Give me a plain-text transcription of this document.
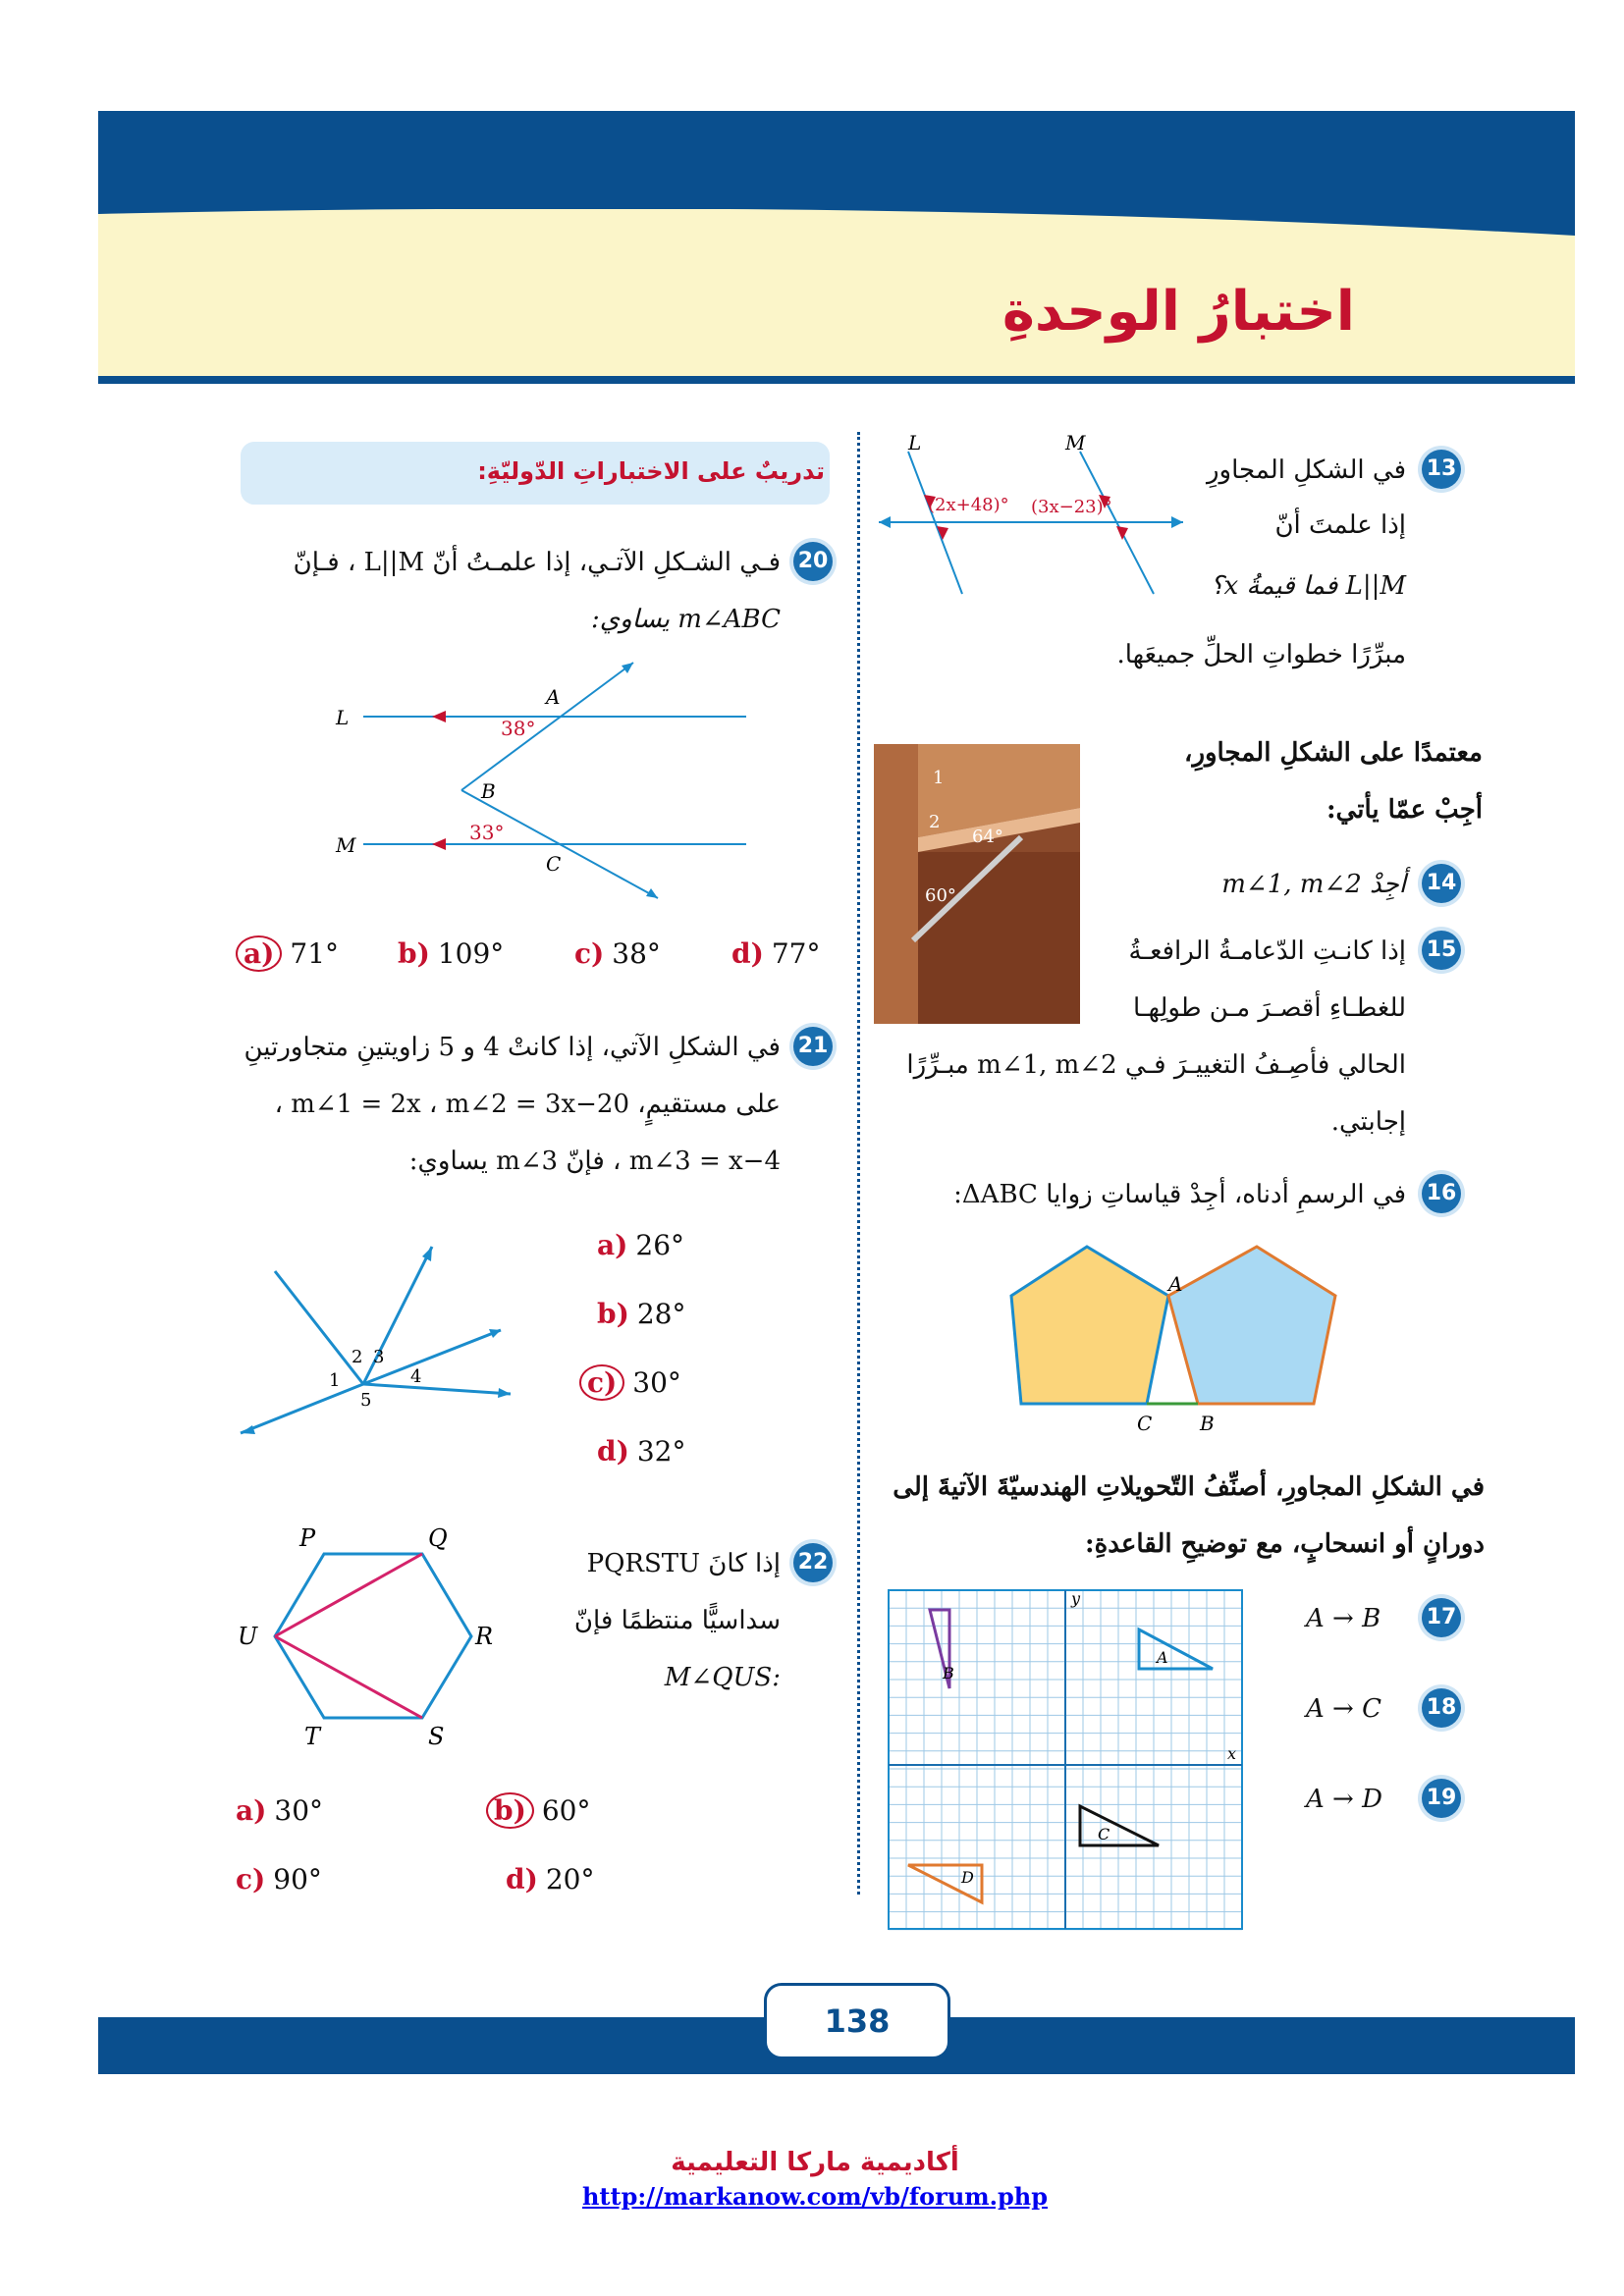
اختبارُ الوحدةِ
13
في الشكلِ المجاورِ
إذا علمتَ أنّ
L||M فما قيمةُ x؟
مبرِّرًا خطواتِ الحلِّ جميعَها.
L	M
(2x+48)° (3x−23)°
معتمدًا على الشكلِ المجاورِ،
أجِبْ عمّا يأتي:
1
2
64°
60°
14
أجِدْ m∠1, m∠2
15
إذا كانـتِ الدّعامـةُ الرافعـةُ
للغطـاءِ أقصـرَ مـن طولِهـا
الحالي فأصِـفُ التغييـرَ فـي m∠1, m∠2 مبـرِّرًا
إجابتي.
16
في الرسمِ أدناه، أجِدْ قياساتِ زوايا ΔABC:
A
C B
في الشكلِ المجاورِ، أصنِّفُ التّحويلاتِ الهندسيّةَ الآتيةَ إلى
دورانٍ أو انسحابٍ، مع توضيحِ القاعدةِ:
B
A
C
D
x
y
17
A → B
18
A → C
19
A → D
تدريبٌ على الاختباراتِ الدّوليّةِ:
20
فـي الشـكلِ الآتـي، إذا علمـتُ أنّ L||M ، فـإنّ
m∠ABC يساوي:
L
M
A
B
C
38°
33°
a) 71° b) 109°	c) 38°	d) 77°
21
في الشكلِ الآتي، إذا كانتْ 4 و 5 زاويتينِ متجاورتينِ
على مستقيمٍ، m∠1 = 2x ، m∠2 = 3x−20 ،
m∠3 = x−4 ، فإنّ m∠3 يساوي:
1
2 3
4
5
a) 26°
b) 28°
c) 30°
d) 32°
22
إذا كانَ PQRSTU
سداسيًّا منتظمًا فإنّ
:M∠QUS
P	Q
R
S
T
U
a) 30°	b) 60°
c) 90°	d) 20°
138
أكاديمية ماركا التعليمية
http://markanow.com/vb/forum.php
